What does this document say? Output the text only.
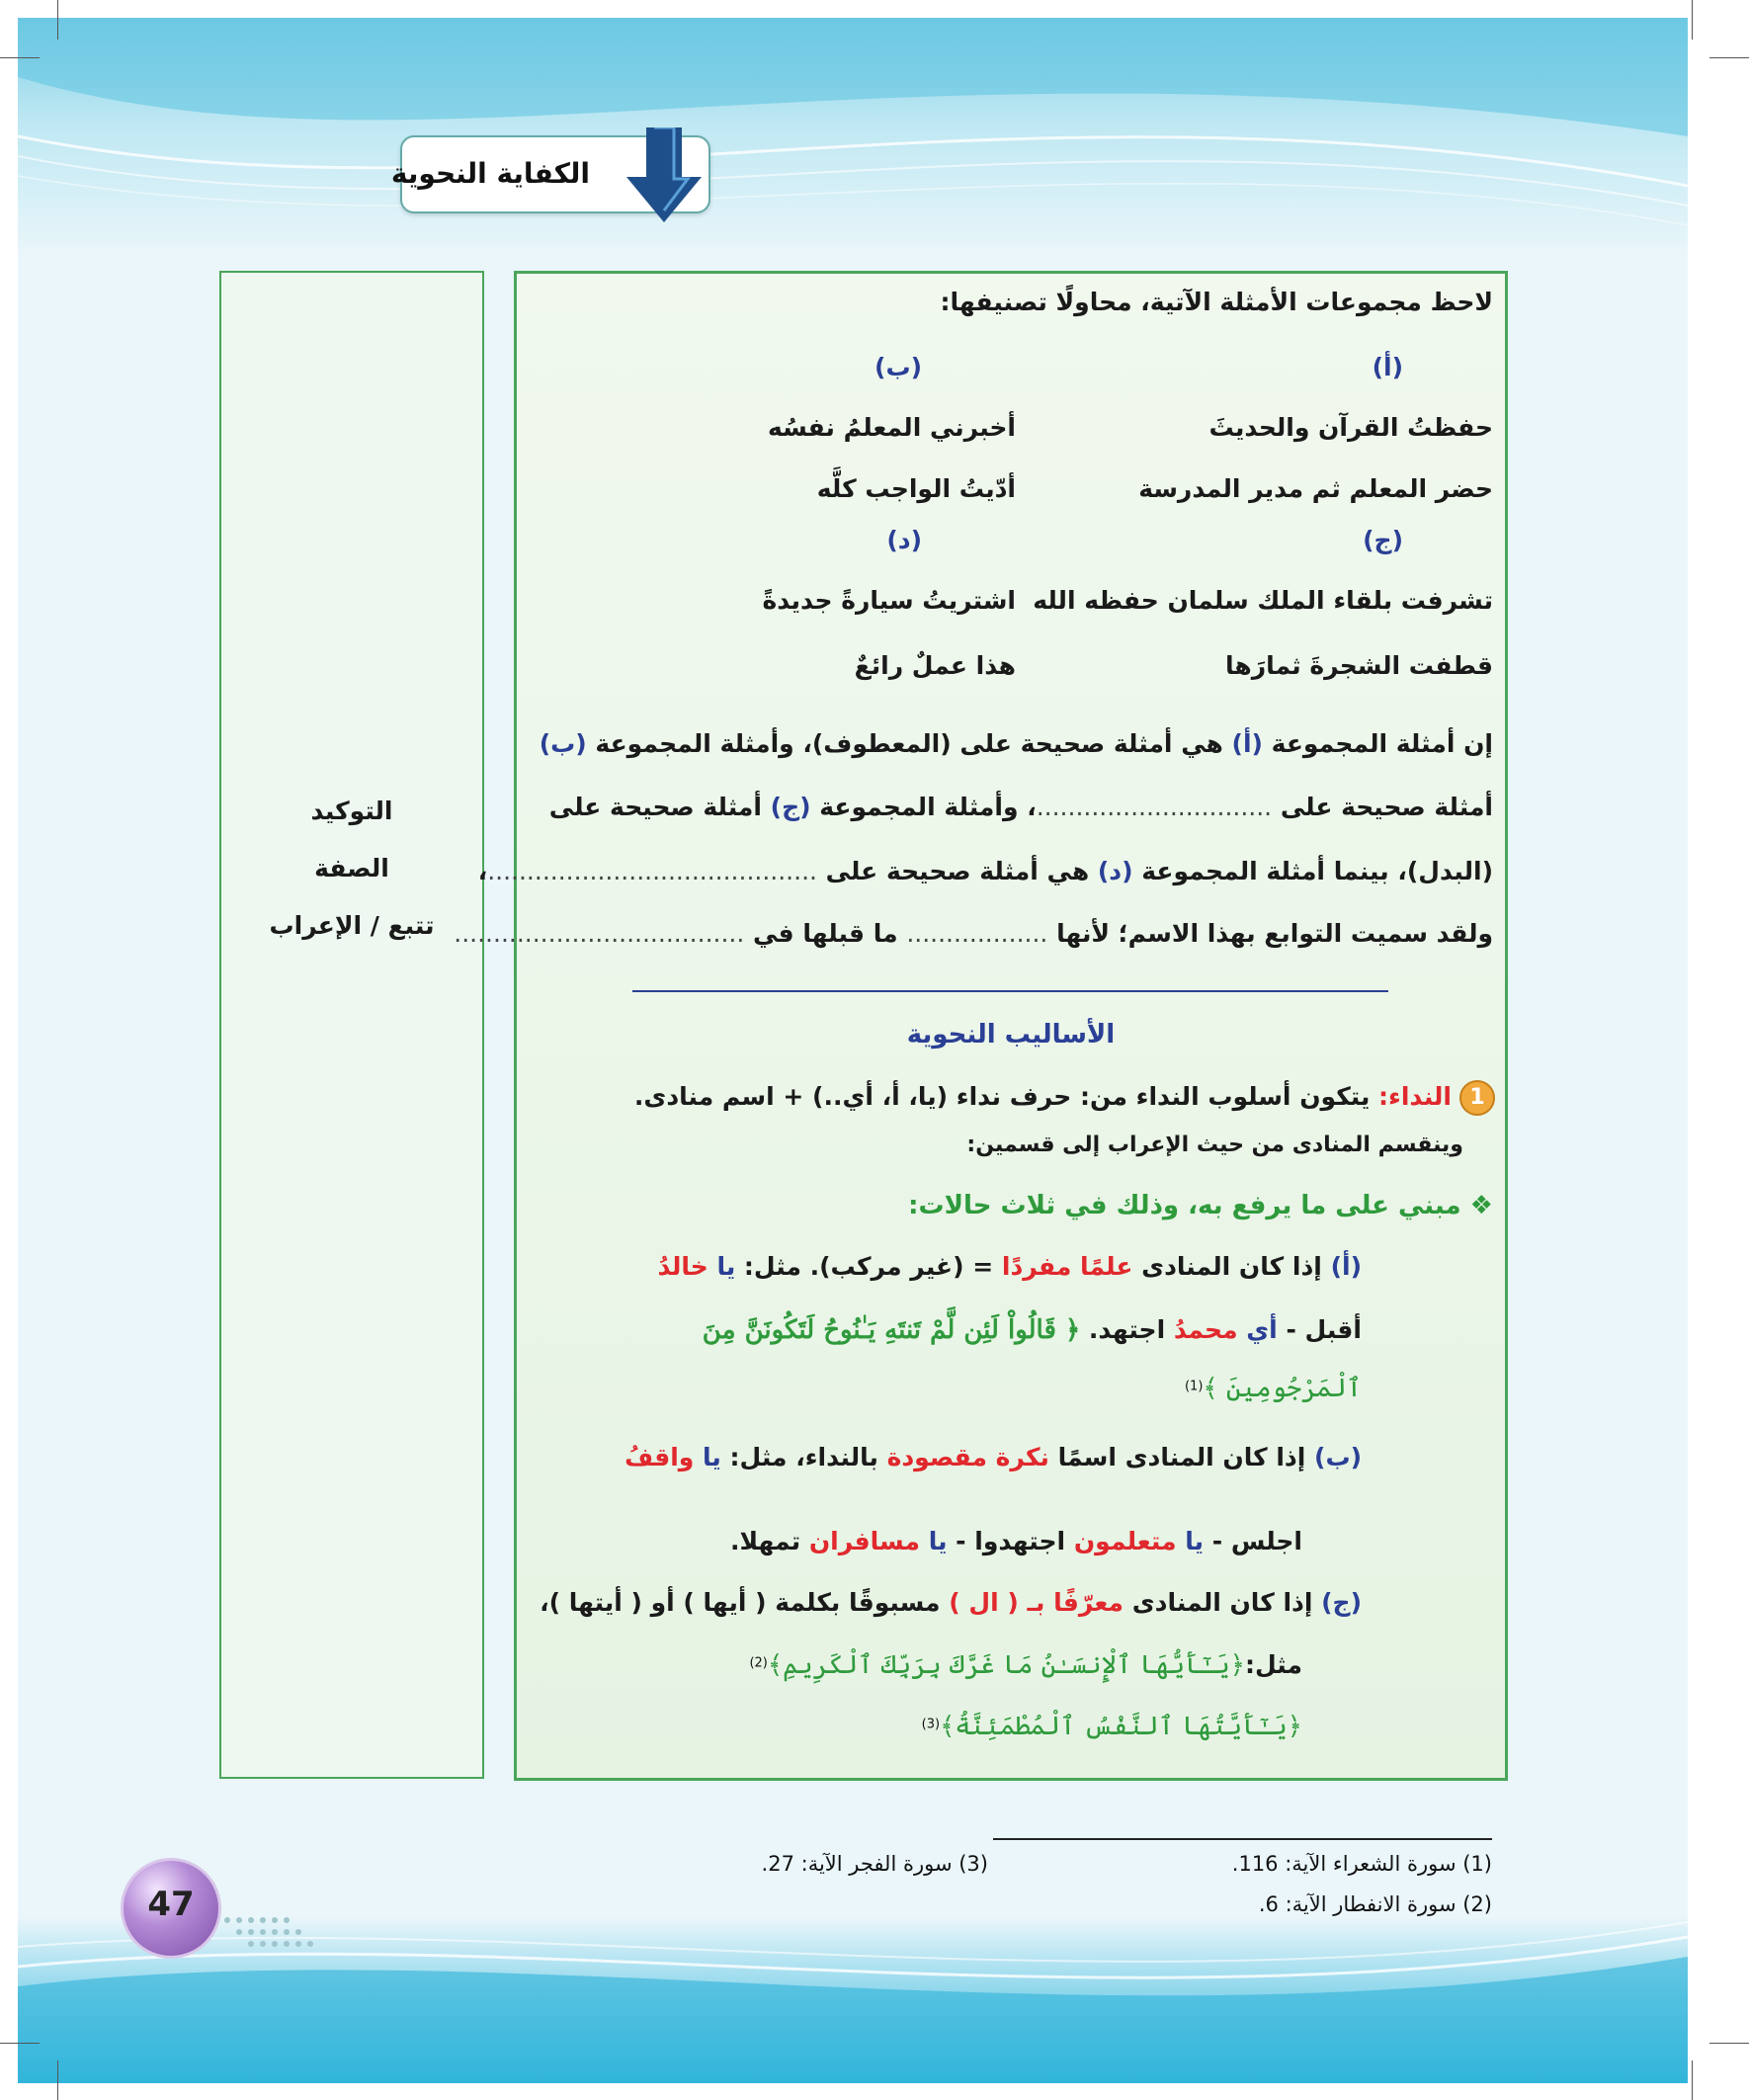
الكفاية النحوية
التوكيد
الصفة
تتبع / الإعراب
لاحظ مجموعات الأمثلة الآتية، محاولًا تصنيفها:
(أ)
(ب)
حفظتُ القرآن والحديثَ
أخبرني المعلمُ نفسُه
حضر المعلم ثم مدير المدرسة
أدّيتُ الواجب كلَّه
(ج)
(د)
تشرفت بلقاء الملك سلمان حفظه الله
اشتريتُ سيارةً جديدةً
قطفت الشجرةَ ثمارَها
هذا عملٌ رائعٌ
إن أمثلة المجموعة (أ) هي أمثلة صحيحة على (المعطوف)، وأمثلة المجموعة (ب)
أمثلة صحيحة على ..............................، وأمثلة المجموعة (ج) أمثلة صحيحة على
(البدل)، بينما أمثلة المجموعة (د) هي أمثلة صحيحة على ..........................................،
ولقد سميت التوابع بهذا الاسم؛ لأنها .................. ما قبلها في .....................................
الأساليب النحوية
1النداء: يتكون أسلوب النداء من: حرف نداء (يا، أ، أي..) + اسم منادى.
وينقسم المنادى من حيث الإعراب إلى قسمين:
❖ مبني على ما يرفع به، وذلك في ثلاث حالات:
(أ) إذا كان المنادى علمًا مفردًا = (غير مركب). مثل: يا خالدُ
أقبل - أي محمدُ اجتهد. ﴿ قَالُواْ لَئِن لَّمْ تَنتَهِ يَـٰنُوحُ لَتَكُونَنَّ مِنَ
ٱلْمَرْجُومِينَ ﴾$^{(1)}$
(ب) إذا كان المنادى اسمًا نكرة مقصودة بالنداء، مثل: يا واقفُ
اجلس - يا متعلمون اجتهدوا - يا مسافران تمهلا.
(ج) إذا كان المنادى معرّفًا بـ ( ال ) مسبوقًا بكلمة ( أيها ) أو ( أيتها )،
مثل:﴿يَـٰٓأَيُّهَا ٱلْإِنسَـٰنُ مَا غَرَّكَ بِرَبِّكَ ٱلْكَرِيمِ﴾$^{(2)}$
﴿يَـٰٓأَيَّتُهَا ٱلنَّفْسُ ٱلْمُطْمَئِنَّةُ﴾$^{(3)}$
(1) سورة الشعراء الآية: 116.
(3) سورة الفجر الآية: 27.
(2) سورة الانفطار الآية: 6.
47
